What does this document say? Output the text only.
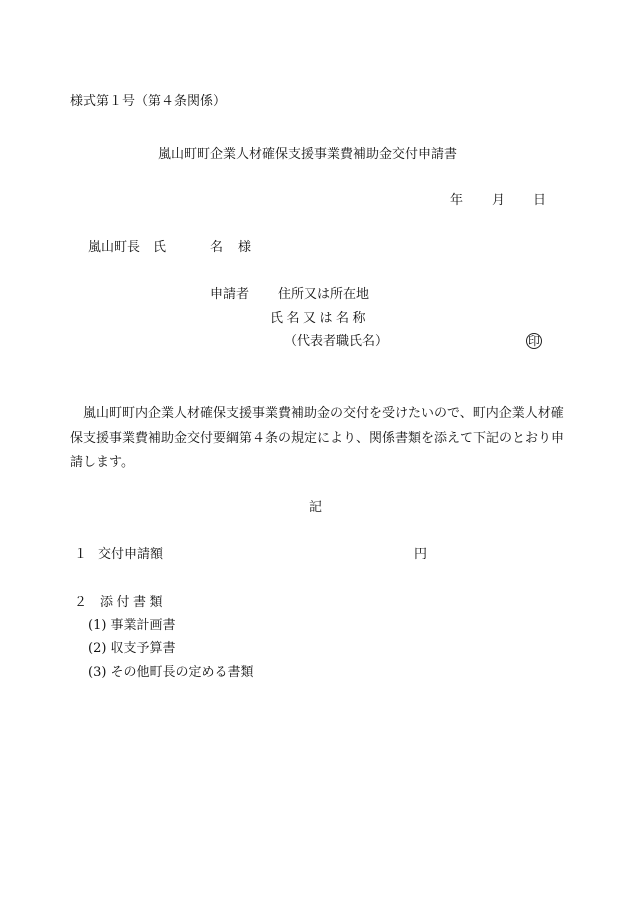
様式第１号（第４条関係）
嵐山町町企業人材確保支援事業費補助金交付申請書
年 月 日
嵐山町長 氏	名 様
申請者 住所又は所在地
氏名又は名称
（代表者職氏名）	印
嵐山町町内企業人材確保支援事業費補助金の交付を受けたいので、町内企業人材確保支援事業費補助金交付要綱第４条の規定により、関係書類を添えて下記のとおり申請します。
記
１ 交付申請額	円
２ 添付書類
(1) 事業計画書
(2) 収支予算書
(3) その他町長の定める書類
